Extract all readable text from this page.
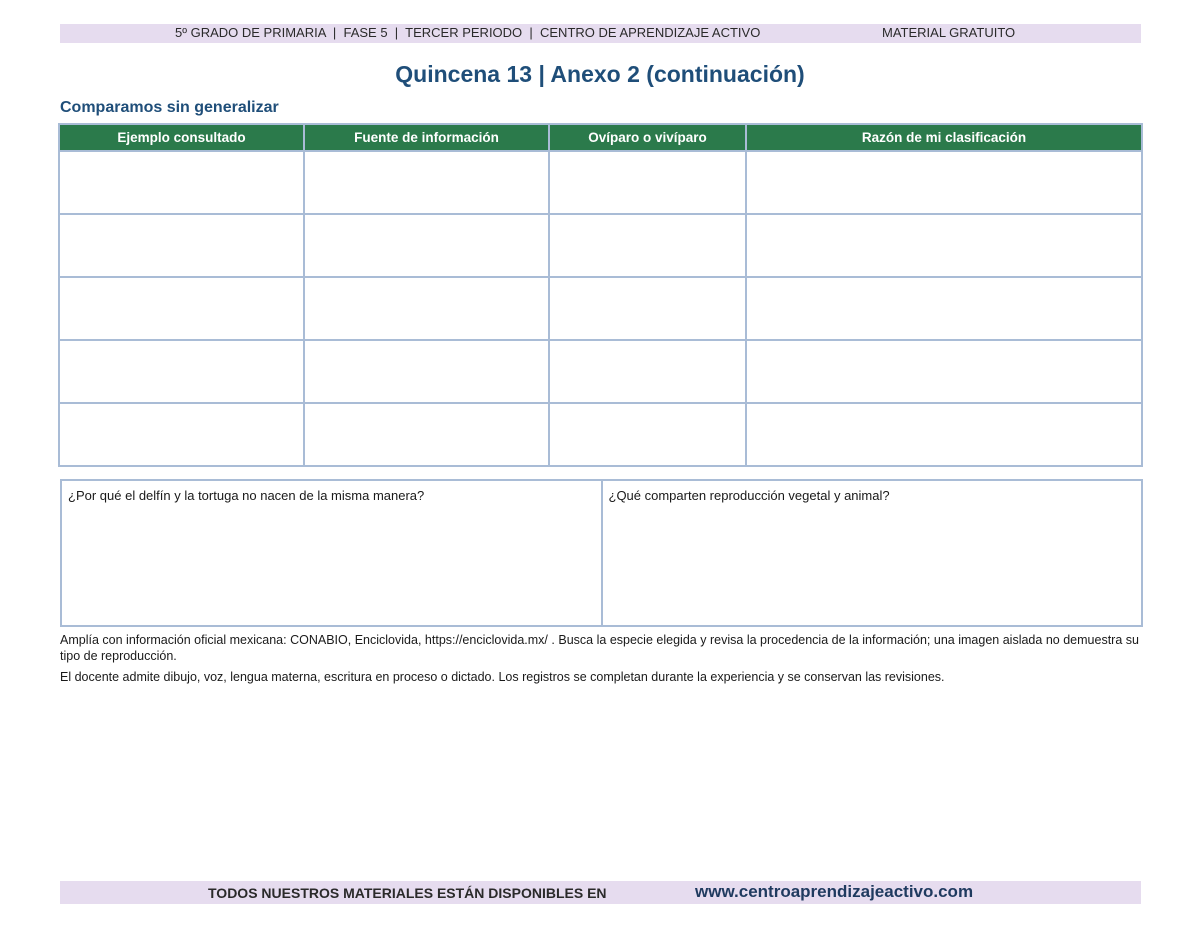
5º GRADO DE PRIMARIA  |  FASE 5  |  TERCER PERIODO  |  CENTRO DE APRENDIZAJE ACTIVO	MATERIAL GRATUITO
Quincena 13 | Anexo 2 (continuación)
Comparamos sin generalizar
Ejemplo consultado	Fuente de información	Ovíparo o vivíparo	Razón de mi clasificación

¿Por qué el delfín y la tortuga no nacen de la misma manera?	¿Qué comparten reproducción vegetal y animal?
Amplía con información oficial mexicana: CONABIO, Enciclovida, https://enciclovida.mx/ . Busca la especie elegida y revisa la procedencia de la información; una imagen aislada no demuestra su tipo de reproducción.
El docente admite dibujo, voz, lengua materna, escritura en proceso o dictado. Los registros se completan durante la experiencia y se conservan las revisiones.
TODOS NUESTROS MATERIALES ESTÁN DISPONIBLES EN	www.centroaprendizajeactivo.com
